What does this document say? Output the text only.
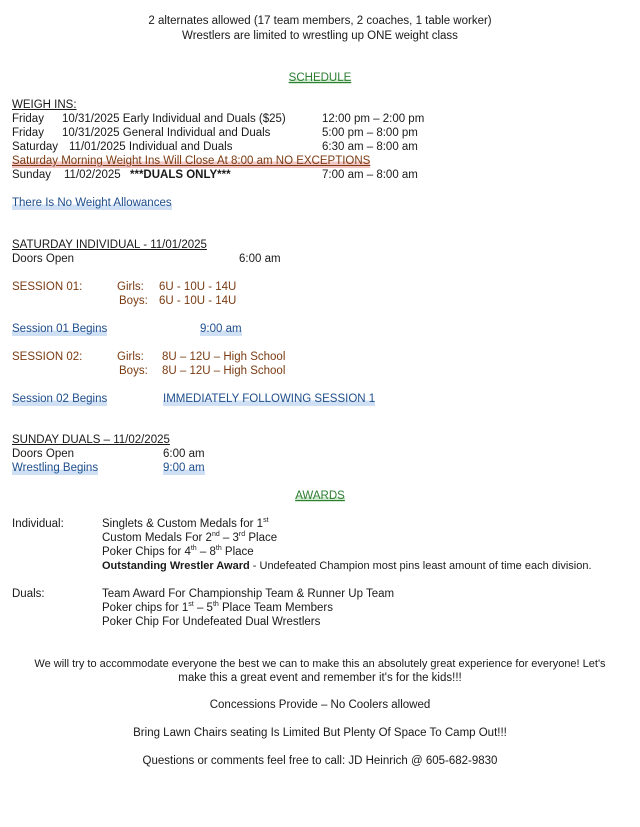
2 alternates allowed (17 team members, 2 coaches, 1 table worker)
Wrestlers are limited to wrestling up ONE weight class
SCHEDULE
WEIGH INS:
Friday 10/31/2025 Early Individual and Duals ($25)	12:00 pm – 2:00 pm
Friday 10/31/2025 General Individual and Duals	5:00 pm – 8:00 pm
Saturday 11/01/2025 Individual and Duals	6:30 am – 8:00 am
Saturday Morning Weight Ins Will Close At 8:00 am NO EXCEPTIONS
Sunday 11/02/2025 ***DUALS ONLY***	7:00 am – 8:00 am
There Is No Weight Allowances
SATURDAY INDIVIDUAL - 11/01/2025
Doors Open	6:00 am
SESSION 01:	Girls: 6U - 10U - 14U
Boys: 6U - 10U - 14U
Session 01 Begins	9:00 am
SESSION 02:	Girls: 8U – 12U – High School
Boys: 8U – 12U – High School
Session 02 Begins	IMMEDIATELY FOLLOWING SESSION 1
SUNDAY DUALS – 11/02/2025
Doors Open	6:00 am
Wrestling Begins	9:00 am
AWARDS
Individual:	Singlets & Custom Medals for 1st
Custom Medals For 2nd – 3rd Place
Poker Chips for 4th – 8th Place
Outstanding Wrestler Award - Undefeated Champion most pins least amount of time each division.
Duals:	Team Award For Championship Team & Runner Up Team
Poker chips for 1st – 5th Place Team Members
Poker Chip For Undefeated Dual Wrestlers
We will try to accommodate everyone the best we can to make this an absolutely great experience for everyone! Let's
make this a great event and remember it's for the kids!!!
Concessions Provide – No Coolers allowed
Bring Lawn Chairs seating Is Limited But Plenty Of Space To Camp Out!!!
Questions or comments feel free to call: JD Heinrich @ 605-682-9830
